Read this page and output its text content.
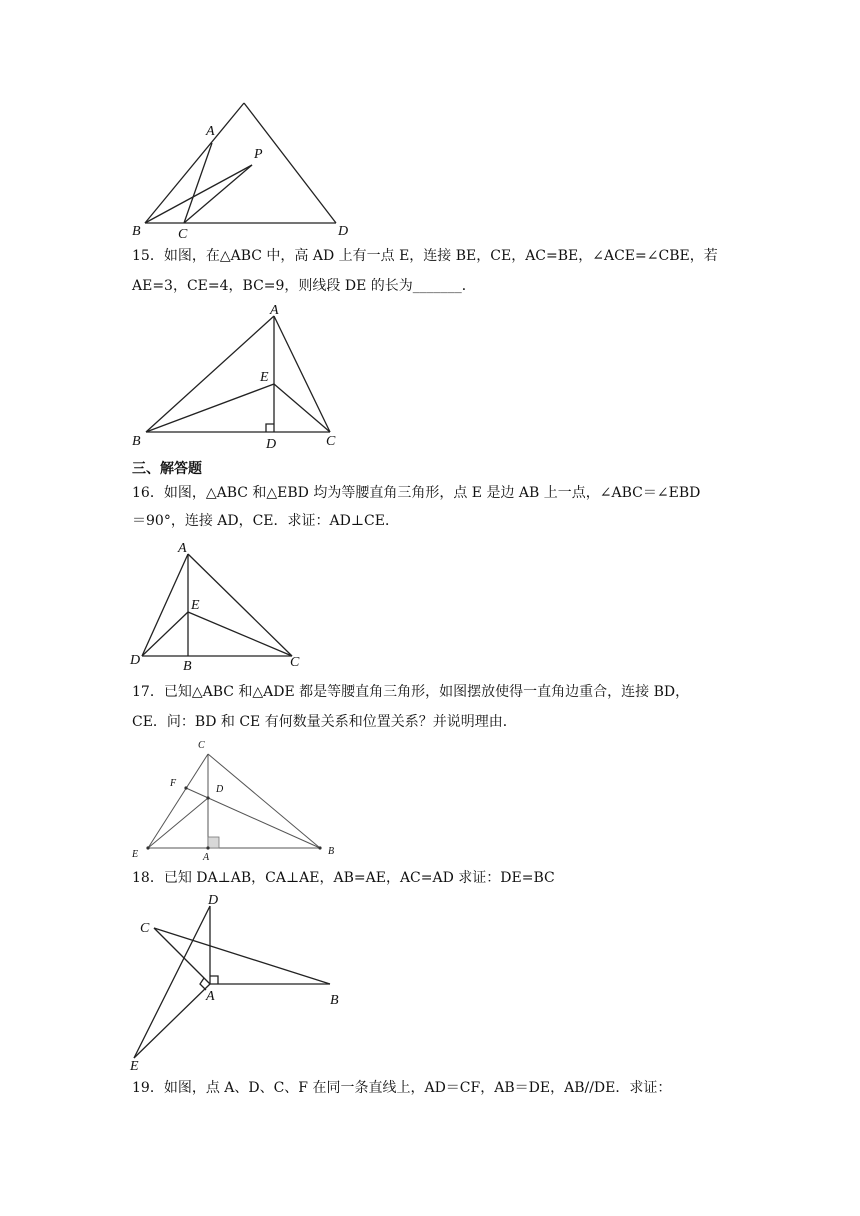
A
P
B	C	D
15．如图，在△ABC 中，高 AD 上有一点 E，连接 BE，CE，AC=BE，∠ACE=∠CBE，若
AE=3，CE=4，BC=9，则线段 DE 的长为_______．
A
E
B	D	C
三、解答题
16．如图，△ABC 和△EBD 均为等腰直角三角形，点 E 是边 AB 上一点，∠ABC＝∠EBD
＝90°，连接 AD，CE．求证：AD⊥CE．
A
E
D	B	C
17．已知△ABC 和△ADE 都是等腰直角三角形，如图摆放使得一直角边重合，连接 BD，
CE．问：BD 和 CE 有何数量关系和位置关系？并说明理由．
C
F
D
E	A
B
18．已知 DA⊥AB，CA⊥AE，AB=AE，AC=AD 求证：DE=BC
D
C
A	B
E
19．如图，点 A、D、C、F 在同一条直线上，AD＝CF，AB＝DE，AB//DE．求证：
